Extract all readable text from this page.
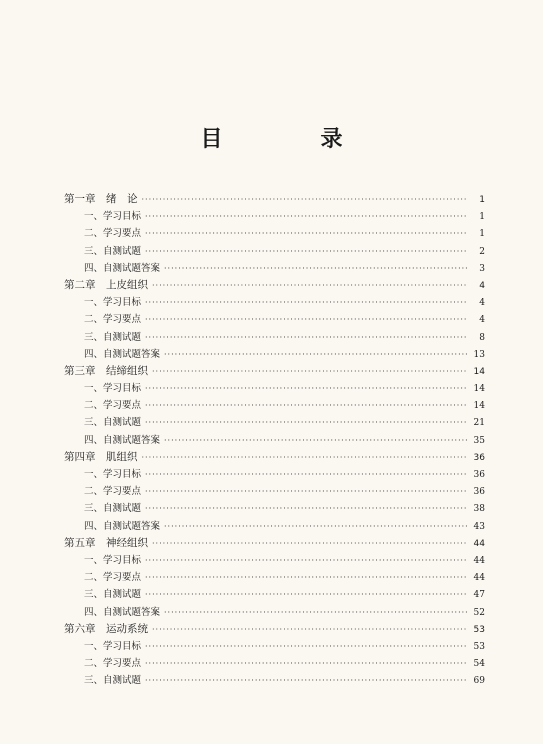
目　录
第一章　绪　论 ·····	1
一、学习目标 ·····	1
二、学习要点 ·····	1
三、自测试题 ·····	2
四、自测试题答案 ·····	3
第二章　上皮组织 ·····	4
一、学习目标 ·····	4
二、学习要点 ·····	4
三、自测试题 ·····	8
四、自测试题答案 ·····	13
第三章　结缔组织 ·····	14
一、学习目标 ·····	14
二、学习要点 ·····	14
三、自测试题 ·····	21
四、自测试题答案 ·····	35
第四章　肌组织 ·····	36
一、学习目标 ·····	36
二、学习要点 ·····	36
三、自测试题 ·····	38
四、自测试题答案 ·····	43
第五章　神经组织 ·····	44
一、学习目标 ·····	44
二、学习要点 ·····	44
三、自测试题 ·····	47
四、自测试题答案 ·····	52
第六章　运动系统 ·····	53
一、学习目标 ·····	53
二、学习要点 ·····	54
三、自测试题 ·····	69
